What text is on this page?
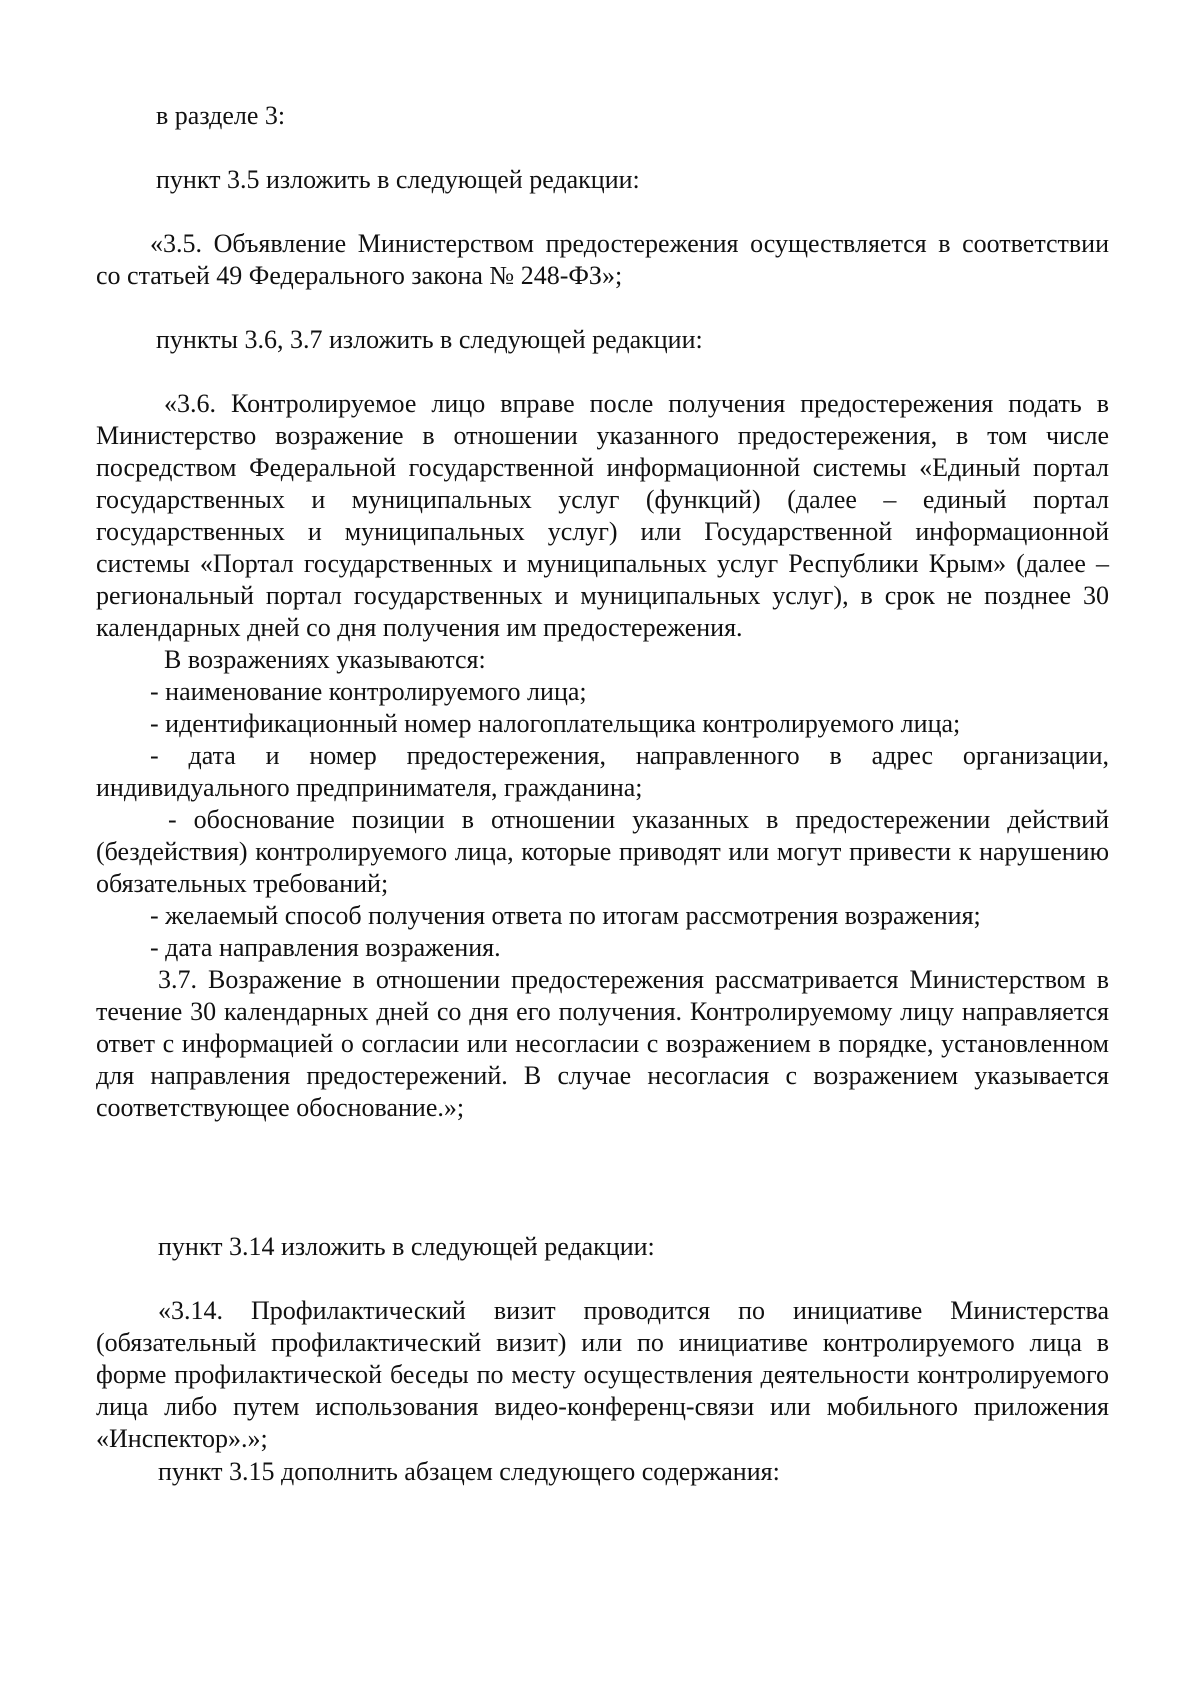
в разделе 3:

пункт 3.5 изложить в следующей редакции:

«3.5. Объявление Министерством предостережения осуществляется в соответствии со статьей 49 Федерального закона № 248-ФЗ»;

пункты 3.6, 3.7 изложить в следующей редакции:

«3.6. Контролируемое лицо вправе после получения предостережения подать в Министерство возражение в отношении указанного предостережения, в том числе посредством Федеральной государственной информационной системы «Единый портал государственных и муниципальных услуг (функций) (далее – единый портал государственных и муниципальных услуг) или Государственной информационной системы «Портал государственных и муниципальных услуг Республики Крым» (далее – региональный портал государственных и муниципальных услуг), в срок не позднее 30 календарных дней со дня получения им предостережения.

В возражениях указываются:

- наименование контролируемого лица;

- идентификационный номер налогоплательщика контролируемого лица;

- дата и номер предостережения, направленного в адрес организации, индивидуального предпринимателя, гражданина;

- обоснование позиции в отношении указанных в предостережении действий (бездействия) контролируемого лица, которые приводят или могут привести к нарушению обязательных требований;

- желаемый способ получения ответа по итогам рассмотрения возражения;

- дата направления возражения.

3.7. Возражение в отношении предостережения рассматривается Министерством в течение 30 календарных дней со дня его получения. Контролируемому лицу направляется ответ с информацией о согласии или несогласии с возражением в порядке, установленном для направления предостережений. В случае несогласия с возражением указывается соответствующее обоснование.»;

пункт 3.14 изложить в следующей редакции:

«3.14. Профилактический визит проводится по инициативе Министерства (обязательный профилактический визит) или по инициативе контролируемого лица в форме профилактической беседы по месту осуществления деятельности контролируемого лица либо путем использования видео-конференц-связи или мобильного приложения «Инспектор».»;

пункт 3.15 дополнить абзацем следующего содержания:
